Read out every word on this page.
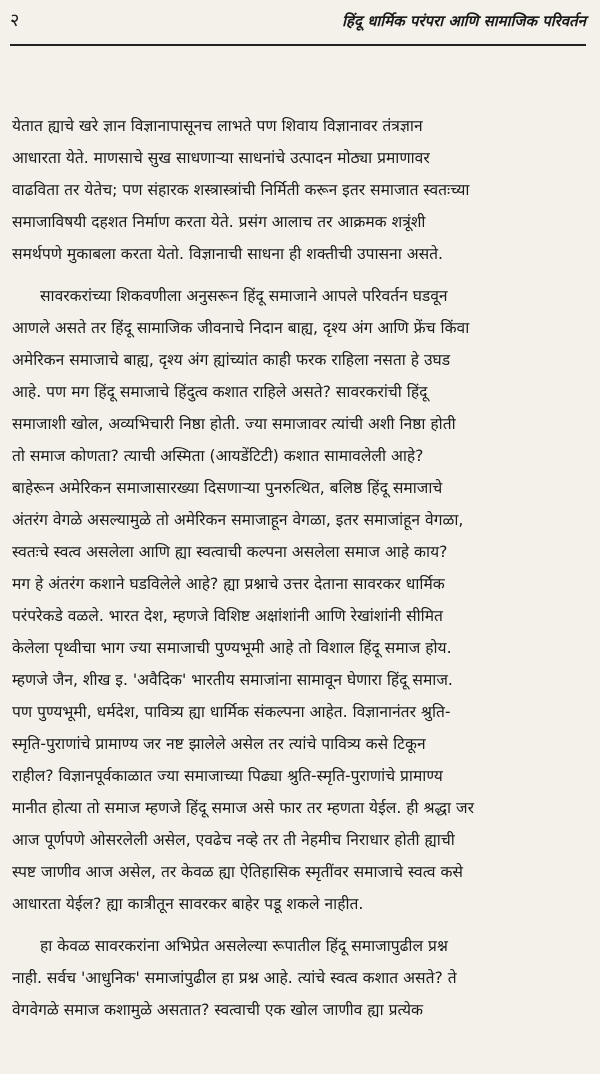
२	हिंदू धार्मिक परंपरा आणि सामाजिक परिवर्तन
येतात ह्याचे खरे ज्ञान विज्ञानापासूनच लाभते पण शिवाय विज्ञानावर तंत्रज्ञान
आधारता येते. माणसाचे सुख साधणाऱ्या साधनांचे उत्पादन मोठ्या प्रमाणावर
वाढविता तर येतेच; पण संहारक शस्त्रास्त्रांची निर्मिती करून इतर समाजात स्वतःच्या
समाजाविषयी दहशत निर्माण करता येते. प्रसंग आलाच तर आक्रमक शत्रूंशी
समर्थपणे मुकाबला करता येतो. विज्ञानाची साधना ही शक्तीची उपासना असते.
सावरकरांच्या शिकवणीला अनुसरून हिंदू समाजाने आपले परिवर्तन घडवून
आणले असते तर हिंदू सामाजिक जीवनाचे निदान बाह्य, दृश्य अंग आणि फ्रेंच किंवा
अमेरिकन समाजाचे बाह्य, दृश्य अंग ह्यांच्यांत काही फरक राहिला नसता हे उघड
आहे. पण मग हिंदू समाजाचे हिंदुत्व कशात राहिले असते? सावरकरांची हिंदू
समाजाशी खोल, अव्यभिचारी निष्ठा होती. ज्या समाजावर त्यांची अशी निष्ठा होती
तो समाज कोणता? त्याची अस्मिता (आयडेंटिटी) कशात सामावलेली आहे?
बाहेरून अमेरिकन समाजासारख्या दिसणाऱ्या पुनरुत्थित, बलिष्ठ हिंदू समाजाचे
अंतरंग वेगळे असल्यामुळे तो अमेरिकन समाजाहून वेगळा, इतर समाजांहून वेगळा,
स्वतःचे स्वत्व असलेला आणि ह्या स्वत्वाची कल्पना असलेला समाज आहे काय?
मग हे अंतरंग कशाने घडविलेले आहे? ह्या प्रश्नाचे उत्तर देताना सावरकर धार्मिक
परंपरेकडे वळले. भारत देश, म्हणजे विशिष्ट अक्षांशांनी आणि रेखांशांनी सीमित
केलेला पृथ्वीचा भाग ज्या समाजाची पुण्यभूमी आहे तो विशाल हिंदू समाज होय.
म्हणजे जैन, शीख इ. 'अवैदिक' भारतीय समाजांना सामावून घेणारा हिंदू समाज.
पण पुण्यभूमी, धर्मदेश, पावित्र्य ह्या धार्मिक संकल्पना आहेत. विज्ञानानंतर श्रुति-
स्मृति-पुराणांचे प्रामाण्य जर नष्ट झालेले असेल तर त्यांचे पावित्र्य कसे टिकून
राहील? विज्ञानपूर्वकाळात ज्या समाजाच्या पिढ्या श्रुति-स्मृति-पुराणांचे प्रामाण्य
मानीत होत्या तो समाज म्हणजे हिंदू समाज असे फार तर म्हणता येईल. ही श्रद्धा जर
आज पूर्णपणे ओसरलेली असेल, एवढेच नव्हे तर ती नेहमीच निराधार होती ह्याची
स्पष्ट जाणीव आज असेल, तर केवळ ह्या ऐतिहासिक स्मृतींवर समाजाचे स्वत्व कसे
आधारता येईल? ह्या कात्रीतून सावरकर बाहेर पडू शकले नाहीत.
हा केवळ सावरकरांना अभिप्रेत असलेल्या रूपातील हिंदू समाजापुढील प्रश्न
नाही. सर्वच 'आधुनिक' समाजांपुढील हा प्रश्न आहे. त्यांचे स्वत्व कशात असते? ते
वेगवेगळे समाज कशामुळे असतात? स्वत्वाची एक खोल जाणीव ह्या प्रत्येक
